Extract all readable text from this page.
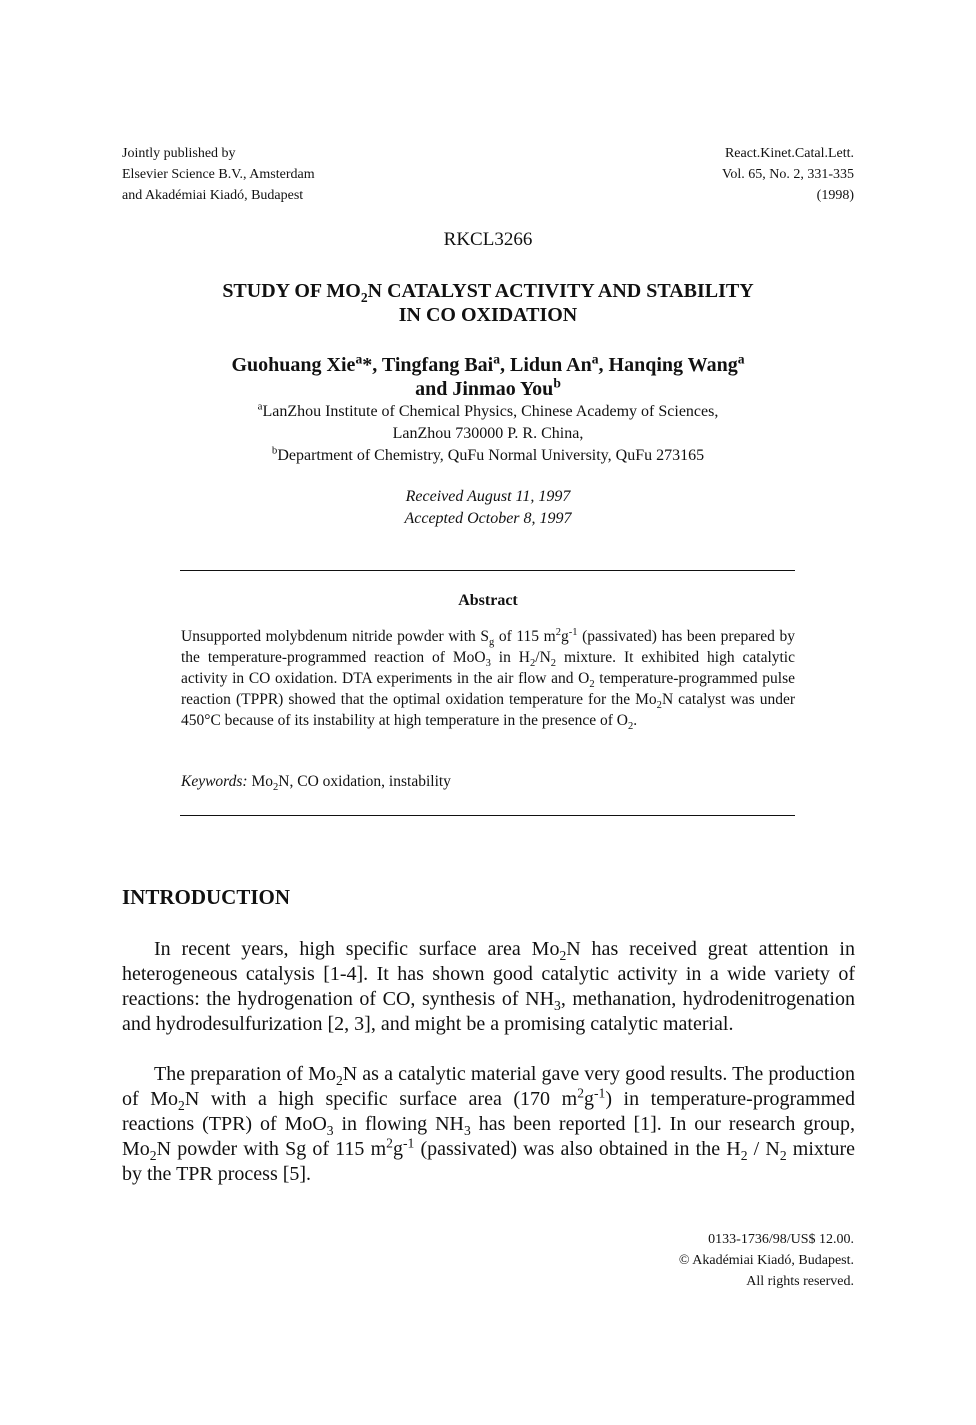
Jointly published by
Elsevier Science B.V., Amsterdam
and Akadémiai Kiadó, Budapest
React.Kinet.Catal.Lett.
Vol. 65, No. 2, 331-335
(1998)
RKCL3266
STUDY OF $MO_2N$ CATALYST ACTIVITY AND STABILITY
IN CO OXIDATION
Guohuang Xie$^a$*, Tingfang Bai$^a$, Lidun An$^a$, Hanqing Wang$^a$
and Jinmao You$^b$
$^a$LanZhou Institute of Chemical Physics, Chinese Academy of Sciences,
LanZhou 730000 P. R. China,
$^b$Department of Chemistry, QuFu Normal University, QuFu 273165
Received August 11, 1997
Accepted October 8, 1997
Abstract
Unsupported molybdenum nitride powder with $S_g$ of 115 $m^2g^{-1}$ (passivated) has been prepared by the temperature-programmed reaction of MoO$_3$ in $H_2/N_2$ mixture. It exhibited high catalytic activity in CO oxidation. DTA experiments in the air flow and $O_2$ temperature-programmed pulse reaction (TPPR) showed that the optimal oxidation temperature for the $Mo_2N$ catalyst was under 450°C because of its instability at high temperature in the presence of $O_2$.
Keywords: $Mo_2N$, CO oxidation, instability
INTRODUCTION

In recent years, high specific surface area $Mo_2N$ has received great attention in heterogeneous catalysis [1-4]. It has shown good catalytic activity in a wide variety of reactions: the hydrogenation of CO, synthesis of $NH_3$, methanation, hydrodenitrogenation and hydrodesulfurization [2, 3], and might be a promising catalytic material.

The preparation of $Mo_2N$ as a catalytic material gave very good results. The production of $Mo_2N$ with a high specific surface area (170 $m^2g^{-1}$) in temperature-programmed reactions (TPR) of MoO$_3$ in flowing $NH_3$ has been reported [1]. In our research group, $Mo_2N$ powder with Sg of 115 $m^2g^{-1}$ (passivated) was also obtained in the $H_2 / N_2$ mixture by the TPR process [5].

0133-1736/98/US$ 12.00.
© Akadémiai Kiadó, Budapest.
All rights reserved.
